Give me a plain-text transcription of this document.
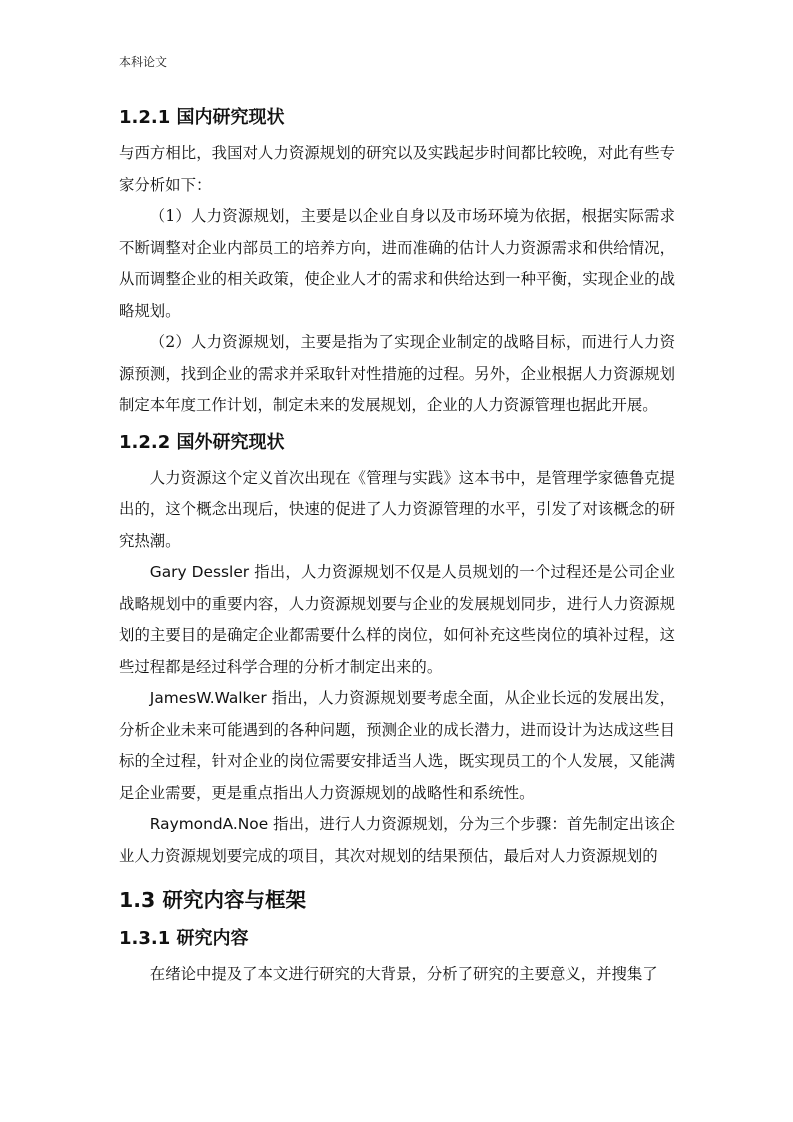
本科论文
1.2.1 国内研究现状

与西方相比，我国对人力资源规划的研究以及实践起步时间都比较晚，对此有些专家分析如下：

（1）人力资源规划，主要是以企业自身以及市场环境为依据，根据实际需求不断调整对企业内部员工的培养方向，进而准确的估计人力资源需求和供给情况，从而调整企业的相关政策，使企业人才的需求和供给达到一种平衡，实现企业的战略规划。

（2）人力资源规划，主要是指为了实现企业制定的战略目标，而进行人力资源预测，找到企业的需求并采取针对性措施的过程。另外，企业根据人力资源规划制定本年度工作计划，制定未来的发展规划，企业的人力资源管理也据此开展。

1.2.2 国外研究现状

人力资源这个定义首次出现在《管理与实践》这本书中，是管理学家德鲁克提出的，这个概念出现后，快速的促进了人力资源管理的水平，引发了对该概念的研究热潮。

Gary Dessler 指出，人力资源规划不仅是人员规划的一个过程还是公司企业战略规划中的重要内容，人力资源规划要与企业的发展规划同步，进行人力资源规划的主要目的是确定企业都需要什么样的岗位，如何补充这些岗位的填补过程，这些过程都是经过科学合理的分析才制定出来的。

JamesW.Walker 指出，人力资源规划要考虑全面，从企业长远的发展出发，分析企业未来可能遇到的各种问题，预测企业的成长潜力，进而设计为达成这些目标的全过程，针对企业的岗位需要安排适当人选，既实现员工的个人发展，又能满足企业需要，更是重点指出人力资源规划的战略性和系统性。

RaymondA.Noe 指出，进行人力资源规划，分为三个步骤：首先制定出该企业人力资源规划要完成的项目，其次对规划的结果预估，最后对人力资源规划的

1.3 研究内容与框架
1.3.1 研究内容

在绪论中提及了本文进行研究的大背景，分析了研究的主要意义，并搜集了
